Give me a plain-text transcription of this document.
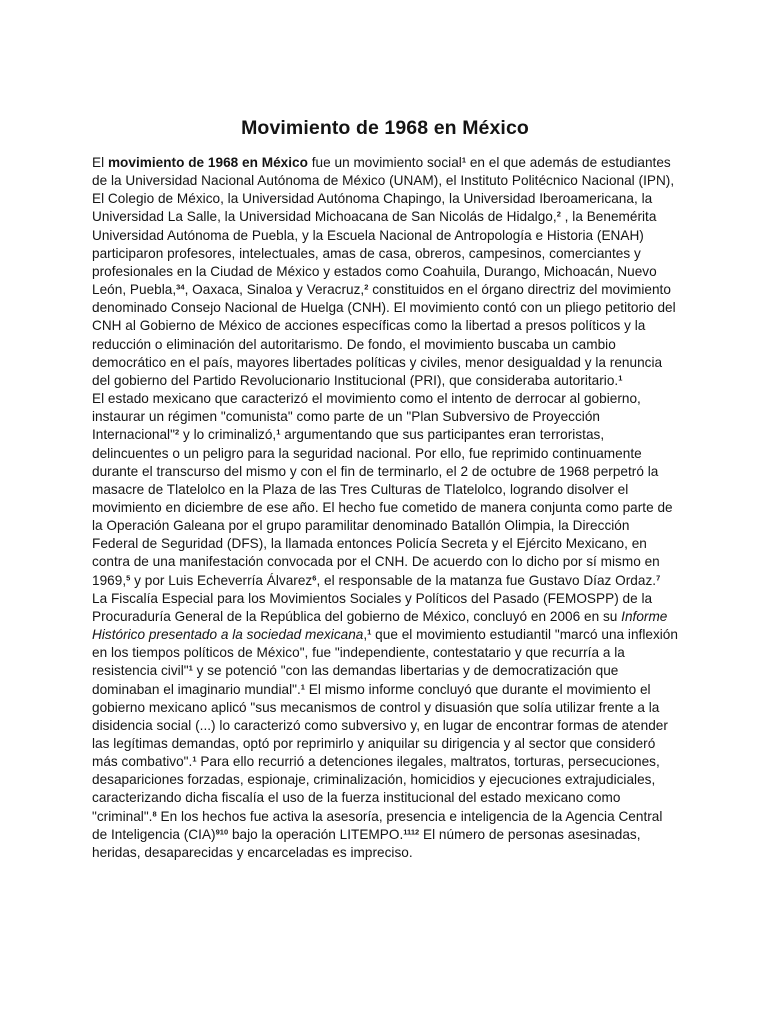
Movimiento de 1968 en México

El movimiento de 1968 en México fue un movimiento social$^1$ en el que además de estudiantes de la Universidad Nacional Autónoma de México (UNAM), el Instituto Politécnico Nacional (IPN), El Colegio de México, la Universidad Autónoma Chapingo, la Universidad Iberoamericana, la Universidad La Salle, la Universidad Michoacana de San Nicolás de Hidalgo,$^2$ , la Benemérita Universidad Autónoma de Puebla, y la Escuela Nacional de Antropología e Historia (ENAH) participaron profesores, intelectuales, amas de casa, obreros, campesinos, comerciantes y profesionales en la Ciudad de México y estados como Coahuila, Durango, Michoacán, Nuevo León, Puebla,$^{34}$, Oaxaca, Sinaloa y Veracruz,$^2$ constituidos en el órgano directriz del movimiento denominado Consejo Nacional de Huelga (CNH). El movimiento contó con un pliego petitorio del CNH al Gobierno de México de acciones específicas como la libertad a presos políticos y la reducción o eliminación del autoritarismo. De fondo, el movimiento buscaba un cambio democrático en el país, mayores libertades políticas y civiles, menor desigualdad y la renuncia del gobierno del Partido Revolucionario Institucional (PRI), que consideraba autoritario.$^1$

El estado mexicano que caracterizó el movimiento como el intento de derrocar al gobierno, instaurar un régimen "comunista" como parte de un "Plan Subversivo de Proyección Internacional"$^2$ y lo criminalizó,$^1$ argumentando que sus participantes eran terroristas, delincuentes o un peligro para la seguridad nacional. Por ello, fue reprimido continuamente durante el transcurso del mismo y con el fin de terminarlo, el 2 de octubre de 1968 perpetró la masacre de Tlatelolco en la Plaza de las Tres Culturas de Tlatelolco, logrando disolver el movimiento en diciembre de ese año. El hecho fue cometido de manera conjunta como parte de la Operación Galeana por el grupo paramilitar denominado Batallón Olimpia, la Dirección Federal de Seguridad (DFS), la llamada entonces Policía Secreta y el Ejército Mexicano, en contra de una manifestación convocada por el CNH. De acuerdo con lo dicho por sí mismo en 1969,$^5$ y por Luis Echeverría Álvarez$^6$, el responsable de la matanza fue Gustavo Díaz Ordaz.$^7$

La Fiscalía Especial para los Movimientos Sociales y Políticos del Pasado (FEMOSPP) de la Procuraduría General de la República del gobierno de México, concluyó en 2006 en su Informe Histórico presentado a la sociedad mexicana,$^1$ que el movimiento estudiantil "marcó una inflexión en los tiempos políticos de México", fue "independiente, contestatario y que recurría a la resistencia civil"$^1$ y se potenció "con las demandas libertarias y de democratización que dominaban el imaginario mundial".$^1$ El mismo informe concluyó que durante el movimiento el gobierno mexicano aplicó "sus mecanismos de control y disuasión que solía utilizar frente a la disidencia social (...) lo caracterizó como subversivo y, en lugar de encontrar formas de atender las legítimas demandas, optó por reprimirlo y aniquilar su dirigencia y al sector que consideró más combativo".$^1$ Para ello recurrió a detenciones ilegales, maltratos, torturas, persecuciones, desapariciones forzadas, espionaje, criminalización, homicidios y ejecuciones extrajudiciales, caracterizando dicha fiscalía el uso de la fuerza institucional del estado mexicano como "criminal".$^8$ En los hechos fue activa la asesoría, presencia e inteligencia de la Agencia Central de Inteligencia (CIA)$^{910}$ bajo la operación LITEMPO.$^{1112}$ El número de personas asesinadas, heridas, desaparecidas y encarceladas es impreciso.
